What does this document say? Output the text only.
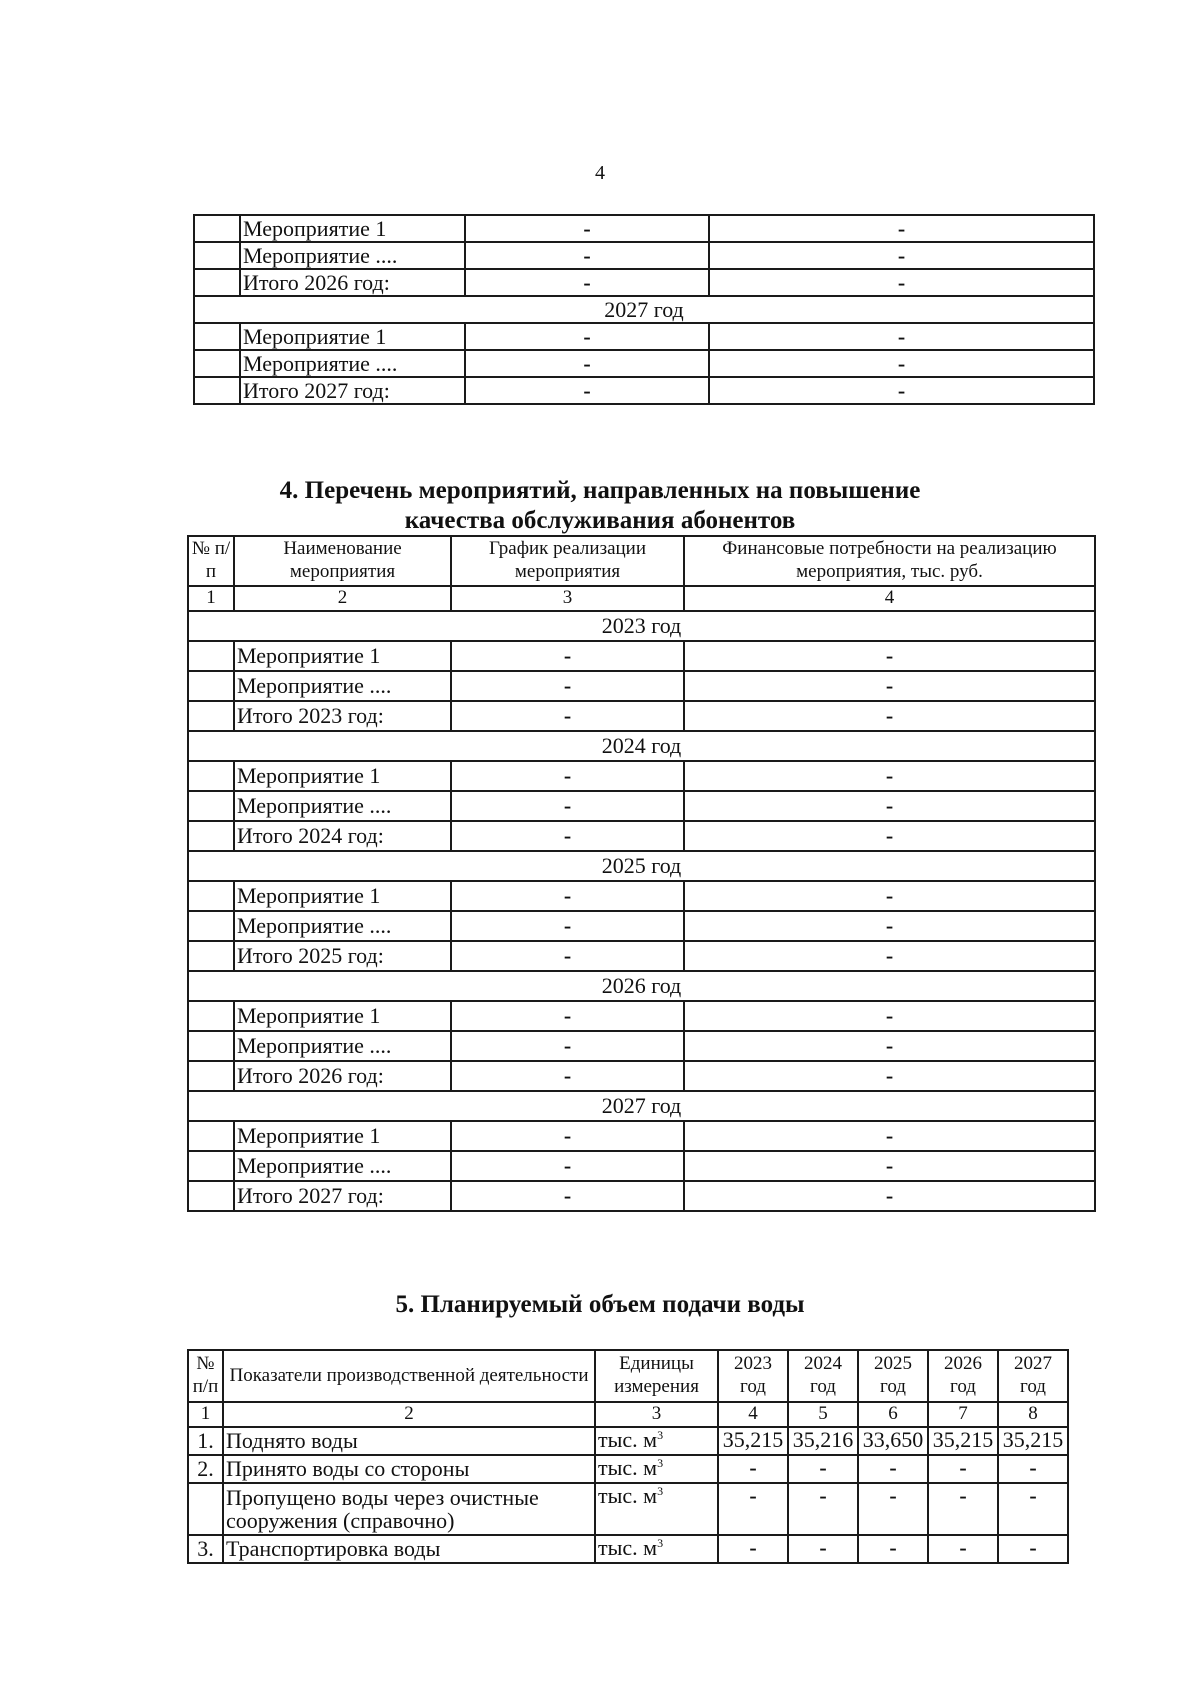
4
	Мероприятие 1	-	-
	Мероприятие ....	-	-
	Итого 2026 год:	-	-
2027 год			
	Мероприятие 1	-	-
	Мероприятие ....	-	-
	Итого 2027 год:	-	-
4. Перечень мероприятий, направленных на повышение
качества обслуживания абонентов
№ п/п	Наименование мероприятия	График реализации мероприятия	Финансовые потребности на реализацию мероприятия, тыс. руб.
1	2	3	4
2023 год			
	Мероприятие 1	-	-
	Мероприятие ....	-	-
	Итого 2023 год:	-	-
2024 год			
	Мероприятие 1	-	-
	Мероприятие ....	-	-
	Итого 2024 год:	-	-
2025 год			
	Мероприятие 1	-	-
	Мероприятие ....	-	-
	Итого 2025 год:	-	-
2026 год			
	Мероприятие 1	-	-
	Мероприятие ....	-	-
	Итого 2026 год:	-	-
2027 год			
	Мероприятие 1	-	-
	Мероприятие ....	-	-
	Итого 2027 год:	-	-
5. Планируемый объем подачи воды
№ п/п	Показатели производственной деятельности	Единицы измерения	2023 год	2024 год	2025 год	2026 год	2027 год
1	2	3	4	5	6	7	8
1.	Поднято воды	тыс. $м^3$	35,215	35,216	33,650	35,215	35,215
2.	Принято воды со стороны	тыс. $м^3$	-	-	-	-	-
	Пропущено воды через очистные сооружения (справочно)	тыс. $м^3$	-	-	-	-	-
3.	Транспортировка воды	тыс. $м^3$	-	-	-	-	-
